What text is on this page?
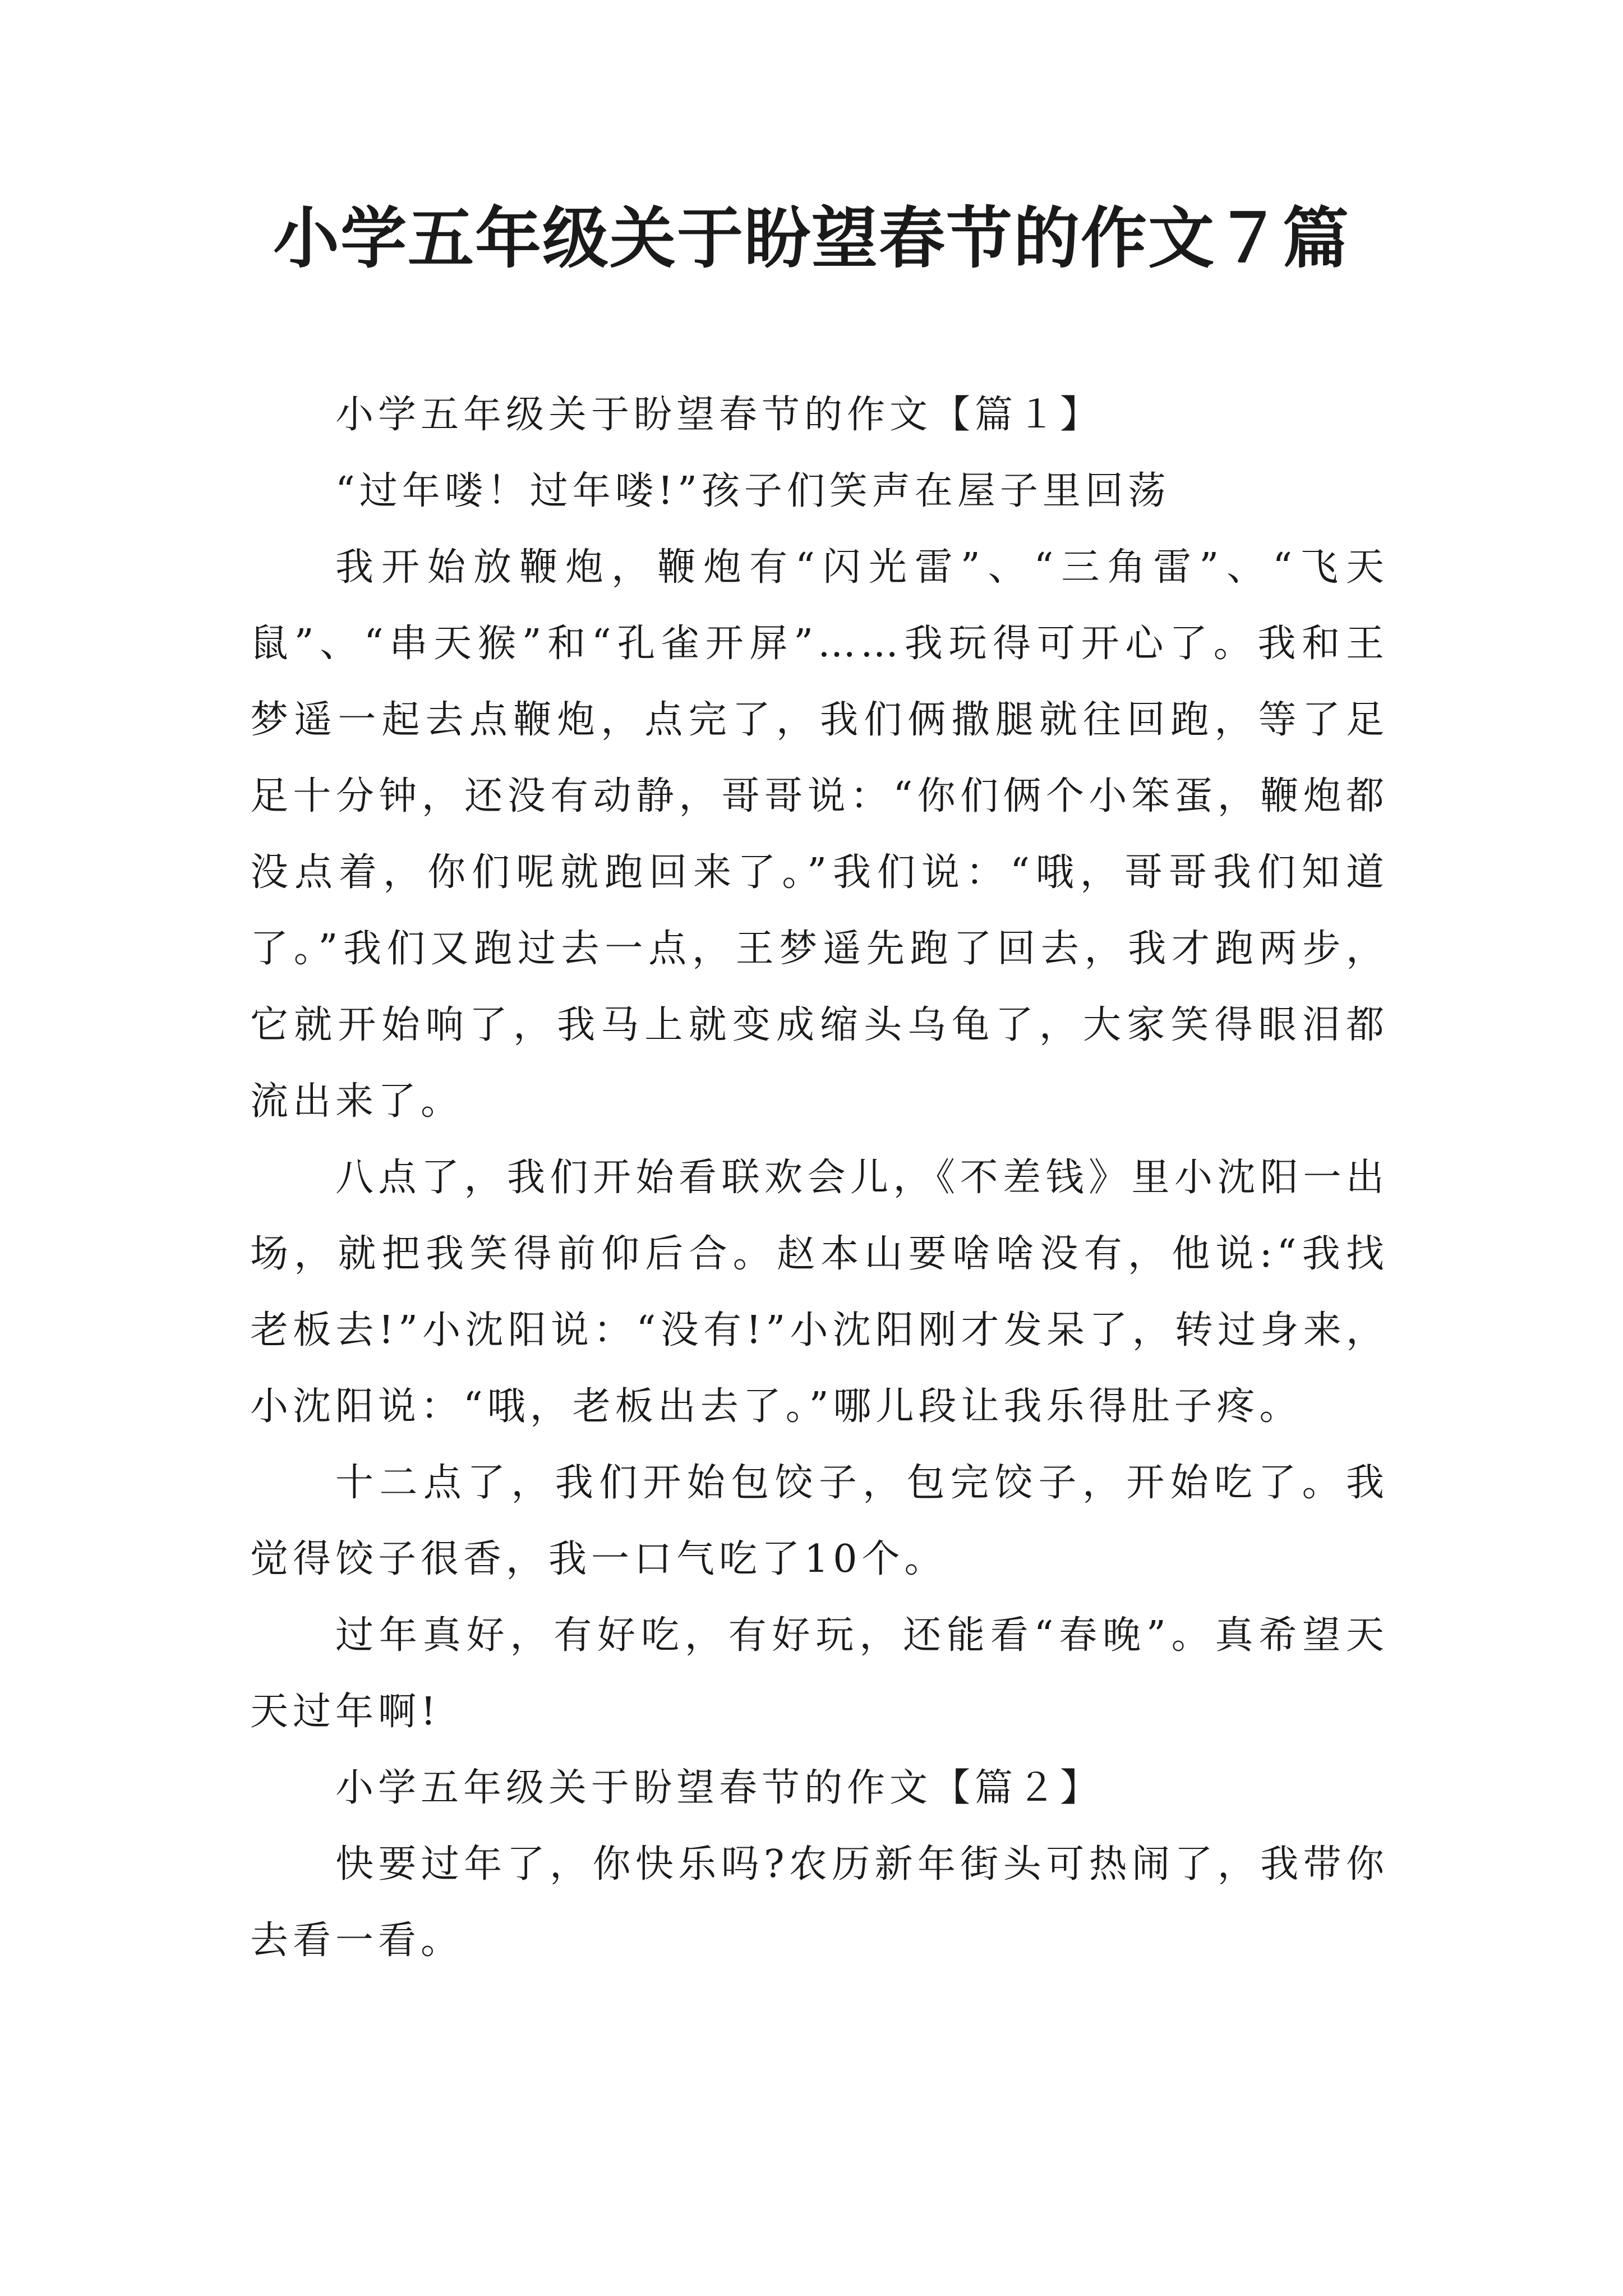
小学五年级关于盼望春节的作文７篇

小学五年级关于盼望春节的作文【篇１】

“过年喽！过年喽!”孩子们笑声在屋子里回荡

我开始放鞭炮，鞭炮有“闪光雷”、“三角雷”、“飞天鼠”、“串天猴”和“孔雀开屏”……我玩得可开心了。我和王梦遥一起去点鞭炮，点完了，我们俩撒腿就往回跑，等了足足十分钟，还没有动静，哥哥说：“你们俩个小笨蛋，鞭炮都没点着，你们呢就跑回来了。”我们说：“哦，哥哥我们知道了。”我们又跑过去一点，王梦遥先跑了回去，我才跑两步，它就开始响了，我马上就变成缩头乌龟了，大家笑得眼泪都流出来了。

八点了，我们开始看联欢会儿，《不差钱》里小沈阳一出场，就把我笑得前仰后合。赵本山要啥啥没有，他说:“我找老板去!”小沈阳说：“没有!”小沈阳刚才发呆了，转过身来，小沈阳说：“哦，老板出去了。”哪儿段让我乐得肚子疼。

十二点了，我们开始包饺子，包完饺子，开始吃了。我觉得饺子很香，我一口气吃了10个。

过年真好，有好吃，有好玩，还能看“春晚”。真希望天天过年啊!

小学五年级关于盼望春节的作文【篇２】

快要过年了，你快乐吗?农历新年街头可热闹了，我带你去看一看。
